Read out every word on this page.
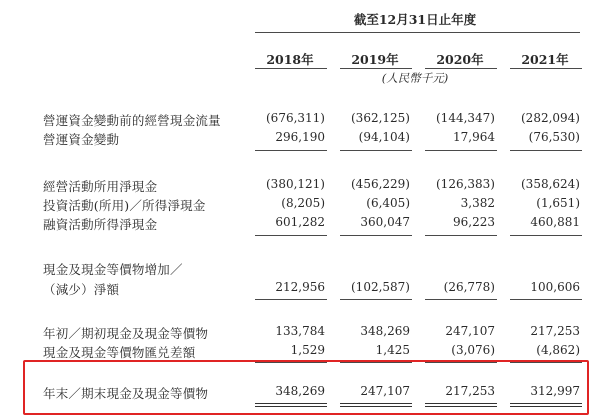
截至12月31日止年度
2018年	2019年	2020年	2021年
(人民幣千元)
營運資金變動前的經營現金流量	(676,311)	(362,125)	(144,347)	(282,094)
營運資金變動	296,190	(94,104)	17,964	(76,530)
經營活動所用淨現金	(380,121)	(456,229)	(126,383)	(358,624)
投資活動(所用)／所得淨現金	(8,205)	(6,405)	3,382	(1,651)
融資活動所得淨現金	601,282	360,047	96,223	460,881
現金及現金等價物增加／
（減少）淨額	212,956	(102,587)	(26,778)	100,606
年初／期初現金及現金等價物	133,784	348,269	247,107	217,253
現金及現金等價物匯兑差額	1,529	1,425	(3,076)	(4,862)
年末／期末現金及現金等價物	348,269	247,107	217,253	312,997
